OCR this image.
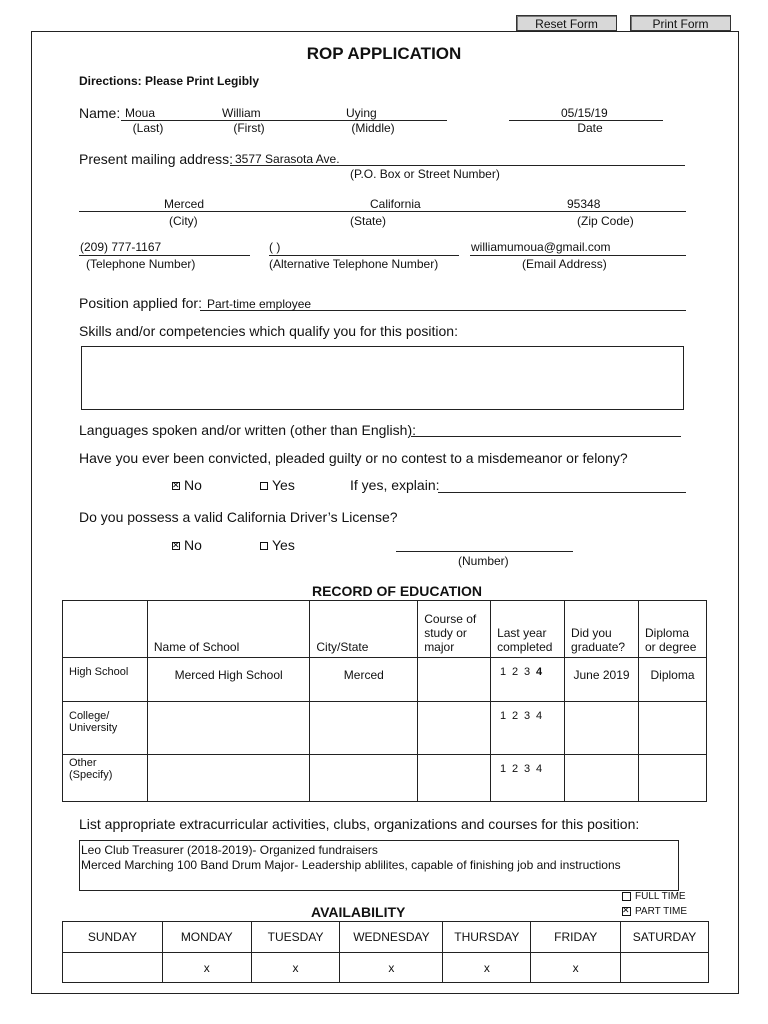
Reset Form	Print Form
ROP APPLICATION
Directions: Please Print Legibly
Name: Moua	William	Uying	05/15/19
(Last)	(First)	(Middle)	Date
Present mailing address: 3577 Sarasota Ave.
(P.O. Box or Street Number)
Merced	California	95348
(City)	(State)	(Zip Code)
(209) 777-1167	( )	williamumoua@gmail.com
(Telephone Number)	(Alternative Telephone Number)	(Email Address)
Position applied for: Part-time employee
Skills and/or competencies which qualify you for this position:
Languages spoken and/or written (other than English):
Have you ever been convicted, pleaded guilty or no contest to a misdemeanor or felony?
✕No	Yes	If yes, explain:
Do you possess a valid California Driver’s License?
✕No	Yes
(Number)
RECORD OF EDUCATION
	Name of School	City/State	Course of study or major	Last year completed	Did you graduate?	Diploma or degree
High School	Merced High School	Merced		1 2 3 4	June 2019	Diploma
College/ University				1 2 3 4		
Other (Specify)				1 2 3 4		
List appropriate extracurricular activities, clubs, organizations and courses for this position:
Leo Club Treasurer (2018-2019)- Organized fundraisers
Merced Marching 100 Band Drum Major- Leadership ablilites, capable of finishing job and instructions
AVAILABILITY
FULL TIME
✕PART TIME
SUNDAY	MONDAY	TUESDAY	WEDNESDAY	THURSDAY	FRIDAY	SATURDAY
	x	x	x	x	x	
